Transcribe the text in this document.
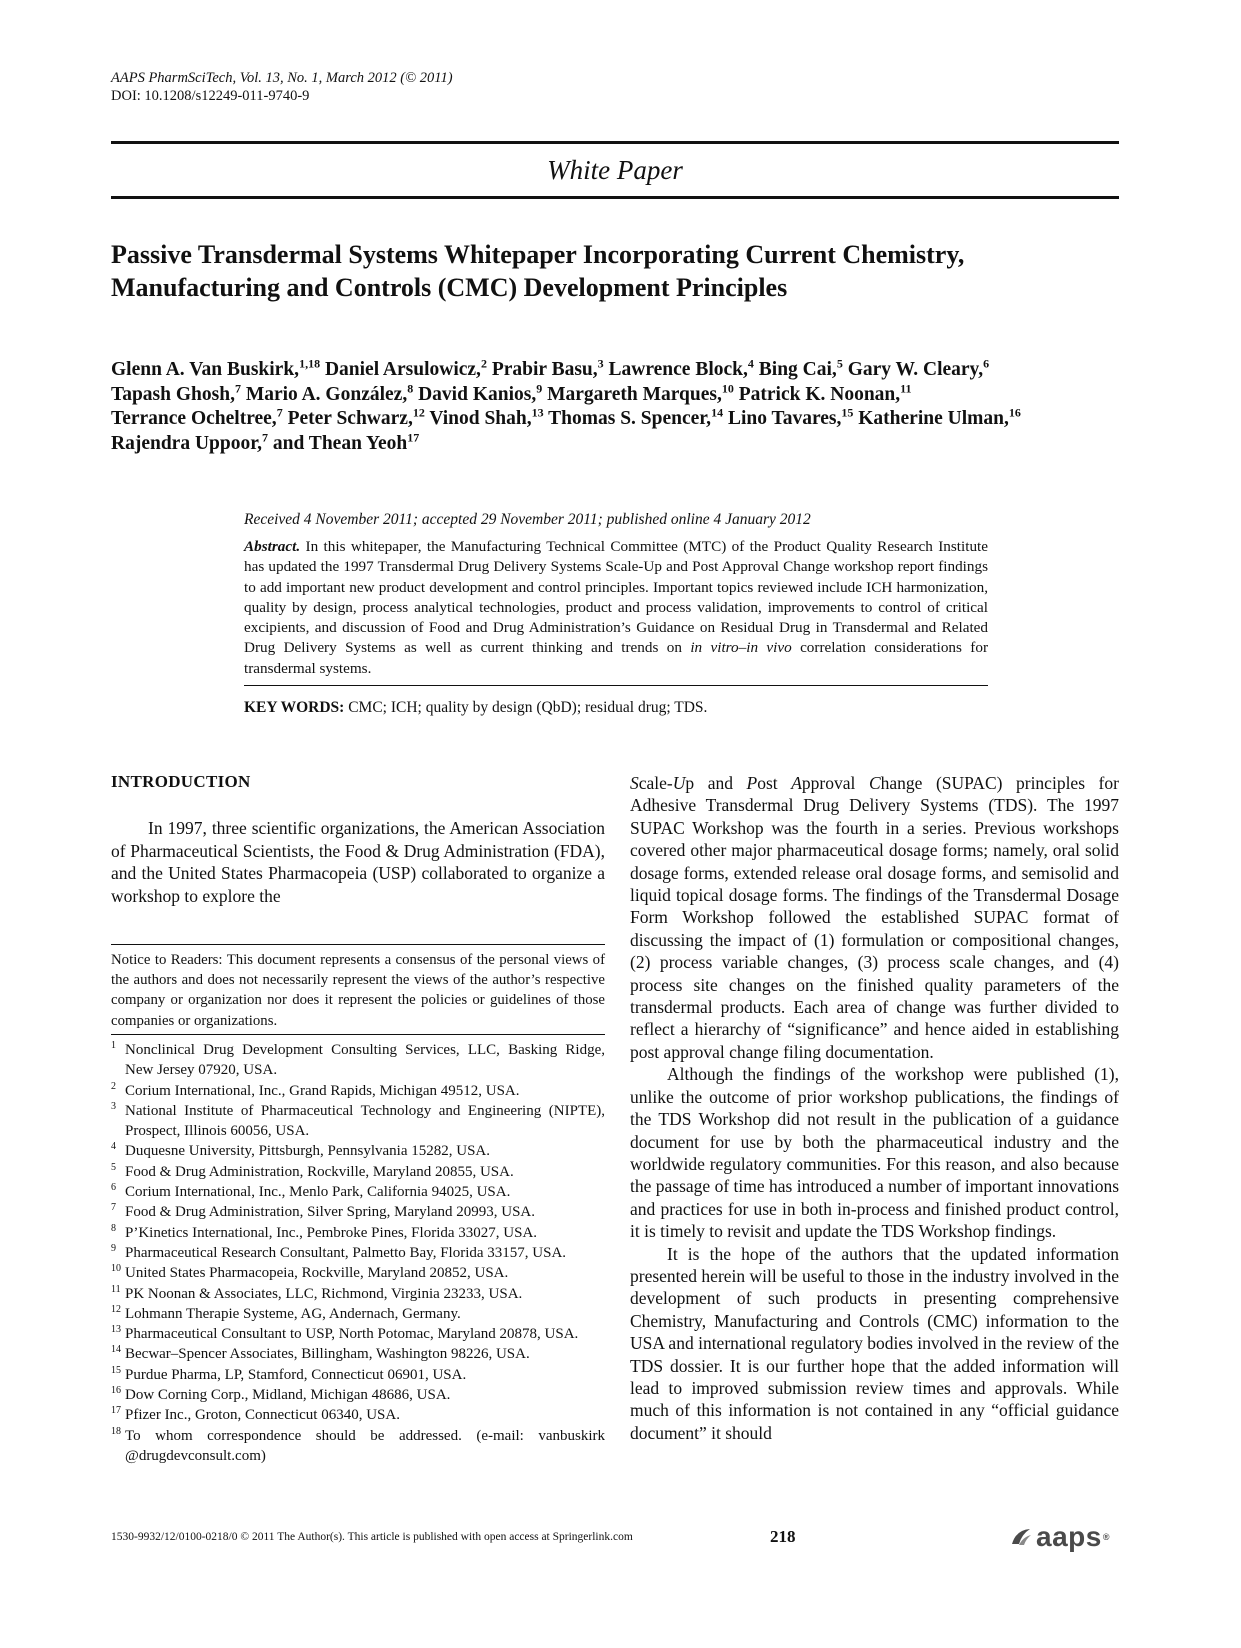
AAPS PharmSciTech, Vol. 13, No. 1, March 2012 (© 2011)
DOI: 10.1208/s12249-011-9740-9
White Paper
Passive Transdermal Systems Whitepaper Incorporating Current Chemistry,
Manufacturing and Controls (CMC) Development Principles
Glenn A. Van Buskirk,$^{1,18}$ Daniel Arsulowicz,$^2$ Prabir Basu,$^3$ Lawrence Block,$^4$ Bing Cai,$^5$ Gary W. Cleary,$^6$
Tapash Ghosh,$^7$ Mario A. González,$^8$ David Kanios,$^9$ Margareth Marques,$^{10}$ Patrick K. Noonan,$^{11}$
Terrance Ocheltree,$^7$ Peter Schwarz,$^{12}$ Vinod Shah,$^{13}$ Thomas S. Spencer,$^{14}$ Lino Tavares,$^{15}$ Katherine Ulman,$^{16}$
Rajendra Uppoor,$^7$ and Thean Yeoh$^{17}$
Received 4 November 2011; accepted 29 November 2011; published online 4 January 2012
Abstract. In this whitepaper, the Manufacturing Technical Committee (MTC) of the Product Quality Research Institute has updated the 1997 Transdermal Drug Delivery Systems Scale-Up and Post Approval Change workshop report findings to add important new product development and control principles. Important topics reviewed include ICH harmonization, quality by design, process analytical technologies, product and process validation, improvements to control of critical excipients, and discussion of Food and Drug Administration’s Guidance on Residual Drug in Transdermal and Related Drug Delivery Systems as well as current thinking and trends on in vitro–in vivo correlation considerations for transdermal systems.
KEY WORDS: CMC; ICH; quality by design (QbD); residual drug; TDS.
INTRODUCTION

In 1997, three scientific organizations, the American Association of Pharmaceutical Scientists, the Food & Drug Administration (FDA), and the United States Pharmacopeia (USP) collaborated to organize a workshop to explore the

Notice to Readers: This document represents a consensus of the personal views of the authors and does not necessarily represent the views of the author’s respective company or organization nor does it represent the policies or guidelines of those companies or organizations.

$^1$ Nonclinical Drug Development Consulting Services, LLC, Basking Ridge, New Jersey 07920, USA.

$^2$ Corium International, Inc., Grand Rapids, Michigan 49512, USA.

$^3$ National Institute of Pharmaceutical Technology and Engineering (NIPTE), Prospect, Illinois 60056, USA.

$^4$ Duquesne University, Pittsburgh, Pennsylvania 15282, USA.

$^5$ Food & Drug Administration, Rockville, Maryland 20855, USA.

$^6$ Corium International, Inc., Menlo Park, California 94025, USA.

$^7$ Food & Drug Administration, Silver Spring, Maryland 20993, USA.

$^8$ P’Kinetics International, Inc., Pembroke Pines, Florida 33027, USA.

$^9$ Pharmaceutical Research Consultant, Palmetto Bay, Florida 33157, USA.

$^{10}$ United States Pharmacopeia, Rockville, Maryland 20852, USA.

$^{11}$ PK Noonan & Associates, LLC, Richmond, Virginia 23233, USA.

$^{12}$ Lohmann Therapie Systeme, AG, Andernach, Germany.

$^{13}$ Pharmaceutical Consultant to USP, North Potomac, Maryland 20878, USA.

$^{14}$ Becwar–Spencer Associates, Billingham, Washington 98226, USA.

$^{15}$ Purdue Pharma, LP, Stamford, Connecticut 06901, USA.

$^{16}$ Dow Corning Corp., Midland, Michigan 48686, USA.

$^{17}$ Pfizer Inc., Groton, Connecticut 06340, USA.

$^{18}$ To whom correspondence should be addressed. (e-mail: vanbuskirk @drugdevconsult.com)

Scale-Up and Post Approval Change (SUPAC) principles for Adhesive Transdermal Drug Delivery Systems (TDS). The 1997 SUPAC Workshop was the fourth in a series. Previous workshops covered other major pharmaceutical dosage forms; namely, oral solid dosage forms, extended release oral dosage forms, and semisolid and liquid topical dosage forms. The findings of the Transdermal Dosage Form Workshop followed the established SUPAC format of discussing the impact of (1) formulation or compositional changes, (2) process variable changes, (3) process scale changes, and (4) process site changes on the finished quality parameters of the transdermal products. Each area of change was further divided to reflect a hierarchy of “significance” and hence aided in establishing post approval change filing documentation.

Although the findings of the workshop were published (1), unlike the outcome of prior workshop publications, the findings of the TDS Workshop did not result in the publication of a guidance document for use by both the pharmaceutical industry and the worldwide regulatory communities. For this reason, and also because the passage of time has introduced a number of important innovations and practices for use in both in-process and finished product control, it is timely to revisit and update the TDS Workshop findings.

It is the hope of the authors that the updated information presented herein will be useful to those in the industry involved in the development of such products in presenting comprehensive Chemistry, Manufacturing and Controls (CMC) information to the USA and international regulatory bodies involved in the review of the TDS dossier. It is our further hope that the added information will lead to improved submission review times and approvals. While much of this information is not contained in any “official guidance document” it should

1530-9932/12/0100-0218/0 © 2011 The Author(s). This article is published with open access at Springerlink.com	218	aaps ®
